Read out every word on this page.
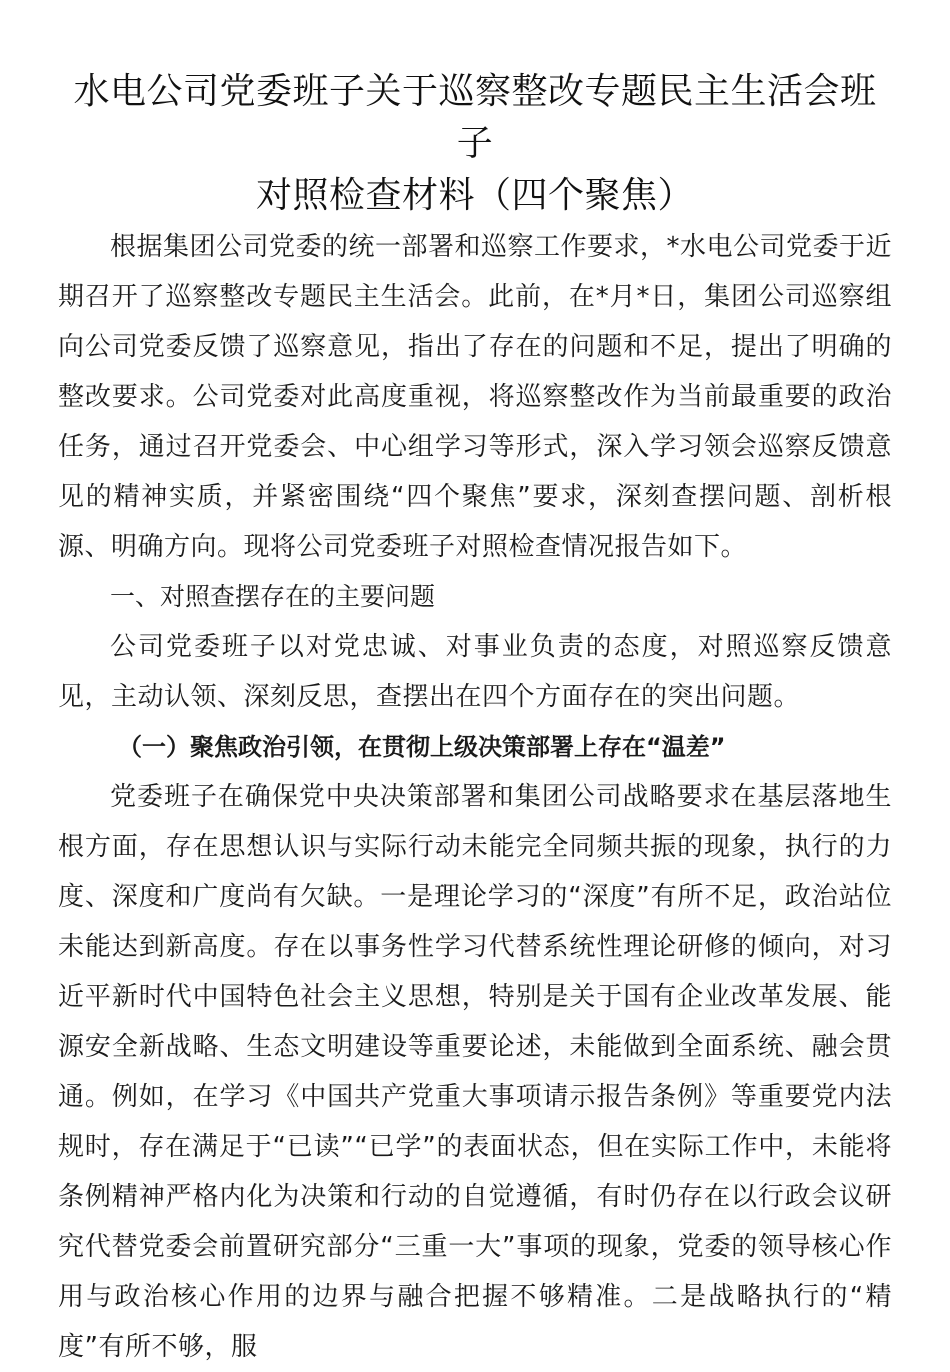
水电公司党委班子关于巡察整改专题民主生活会班子
对照检查材料（四个聚焦）

根据集团公司党委的统一部署和巡察工作要求，*水电公司党委于近期召开了巡察整改专题民主生活会。此前，在*月*日，集团公司巡察组向公司党委反馈了巡察意见，指出了存在的问题和不足，提出了明确的整改要求。公司党委对此高度重视，将巡察整改作为当前最重要的政治任务，通过召开党委会、中心组学习等形式，深入学习领会巡察反馈意见的精神实质，并紧密围绕“四个聚焦”要求，深刻查摆问题、剖析根源、明确方向。现将公司党委班子对照检查情况报告如下。

一、对照查摆存在的主要问题

公司党委班子以对党忠诚、对事业负责的态度，对照巡察反馈意见，主动认领、深刻反思，查摆出在四个方面存在的突出问题。

（一）聚焦政治引领，在贯彻上级决策部署上存在“温差”

党委班子在确保党中央决策部署和集团公司战略要求在基层落地生根方面，存在思想认识与实际行动未能完全同频共振的现象，执行的力度、深度和广度尚有欠缺。一是理论学习的“深度”有所不足，政治站位未能达到新高度。存在以事务性学习代替系统性理论研修的倾向，对习近平新时代中国特色社会主义思想，特别是关于国有企业改革发展、能源安全新战略、生态文明建设等重要论述，未能做到全面系统、融会贯通。例如，在学习《中国共产党重大事项请示报告条例》等重要党内法规时，存在满足于“已读”“已学”的表面状态，但在实际工作中，未能将条例精神严格内化为决策和行动的自觉遵循，有时仍存在以行政会议研究代替党委会前置研究部分“三重一大”事项的现象，党委的领导核心作用与政治核心作用的边界与融合把握不够精准。二是战略执行的“精度”有所不够，服
